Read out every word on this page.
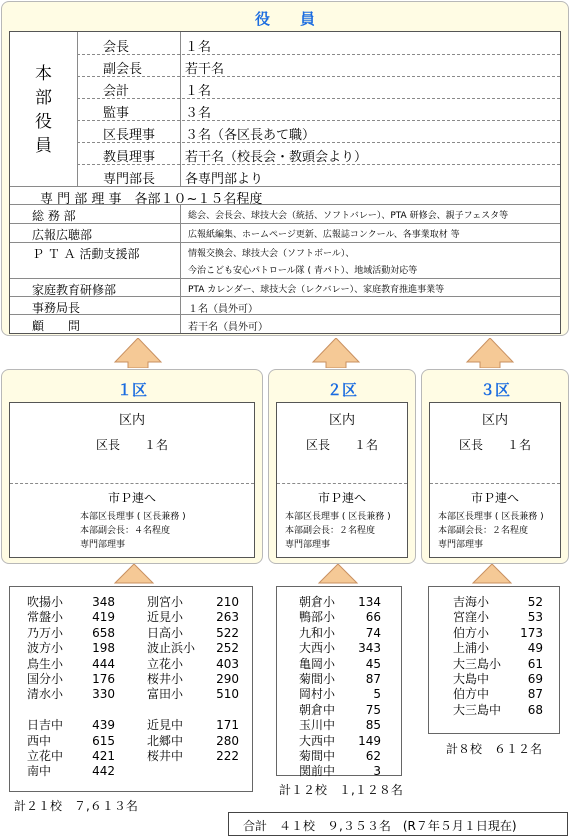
役　　員
本
部
役
員
会長	１名
副会長	若干名
会計	１名
監事	３名
区長理事 ３名（各区長あて職）
教員理事 若干名（校長会・教頭会より）
専門部長 各専門部より
専 門 部 理 事　各部１０~１５名程度
総 務 部	総会、会長会、球技大会（統括、ソフトバレー）、PTA 研修会、親子フェスタ等
広報広聴部	広報紙編集、ホームページ更新、広報誌コンクール、各事業取材 等
Ｐ Ｔ Ａ 活動支援部	情報交換会、球技大会（ソフトボール）、
今治こども安心パトロール隊 ( 青パト）、地域活動対応等
家庭教育研修部	PTA カレンダー、球技大会（レクバレー）、家庭教育推進事業等
事務局長	１名（員外可）
顧　　問	若干名（員外可）
１区
区内
区長　　１名
市Ｐ連へ
本部区長理事 ( 区長兼務 )
本部副会長：４名程度
専門部理事
２区
区内
区長　　１名
市Ｐ連へ
本部区長理事 ( 区長兼務 )
本部副会長：２名程度
専門部理事
３区
区内
区長　　１名
市Ｐ連へ
本部区長理事 ( 区長兼務 )
本部副会長：２名程度
専門部理事
吹揚小 348
常盤小 419
乃万小 658
波方小 198
鳥生小 444
国分小 176
清水小 330
日吉中 439
西中	615
立花中 421
南中	442
別宮小	210
近見小	263
日高小	522
波止浜小 252
立花小	403
桜井小	290
富田小	510
近見中	171
北郷中	280
桜井中	222
計２１校　７,６１３名
朝倉小 134
鴨部小	66
九和小	74
大西小 343
亀岡小	45
菊間小	87
岡村小	5
朝倉中	75
玉川中	85
大西中 149
菊間中	62
関前中	3
計１２校　１,１２８名
吉海小	52
宮窪小	53
伯方小	173
上浦小	49
大三島小 61
大島中	69
伯方中	87
大三島中 68
計８校　６１２名
合計　４１校　９,３５３名　(R７年５月１日現在)
